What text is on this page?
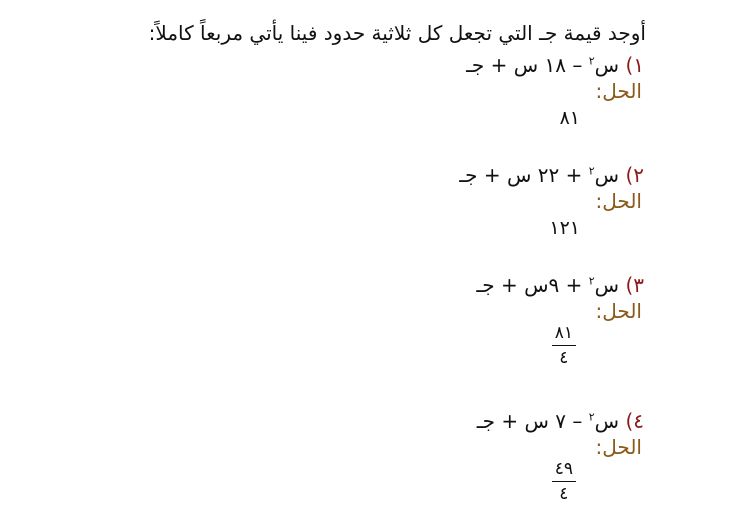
أوجد قيمة جـ التي تجعل كل ثلاثية حدود فينا يأتي مربعاً كاملاً:
١) س$^٢$ – ١٨ س + جـ
الحل:
٨١
٢) س$^٢$ + ٢٢ س + جـ
الحل:
١٢١
٣) س$^٢$ + ٩س + جـ
الحل:
٨١
٤
٤) س$^٢$ – ٧ س + جـ
الحل:
٤٩
٤
